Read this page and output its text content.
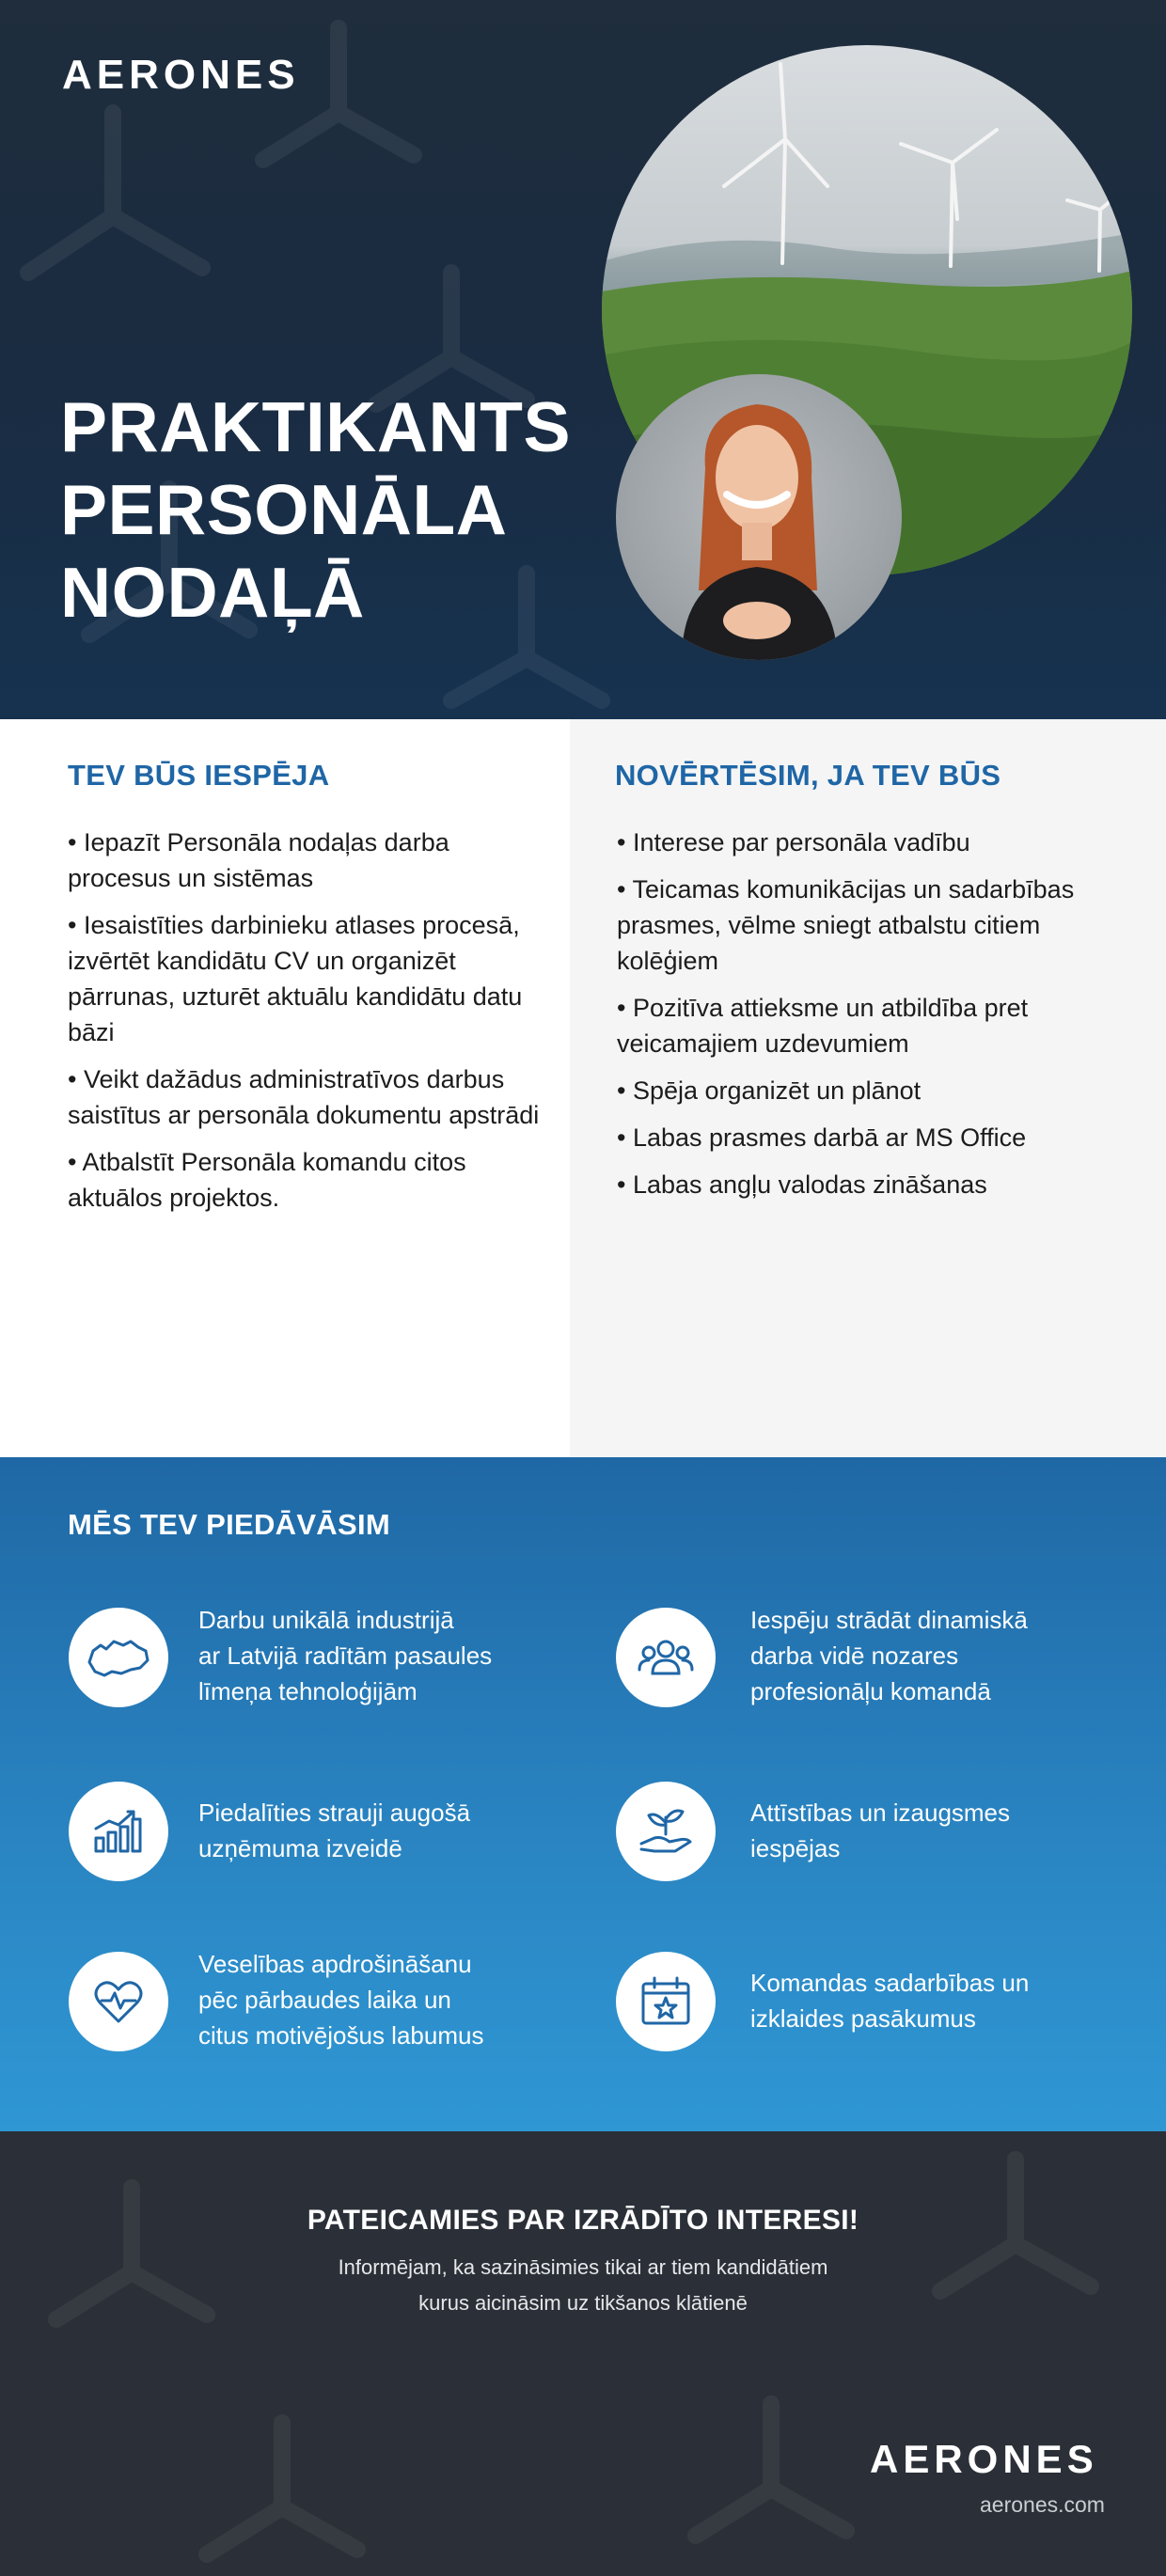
AERONES
PRAKTIKANTS
PERSONĀLA
NODAĻĀ
TEV BŪS IESPĒJA
• Iepazīt Personāla nodaļas darba procesus un sistēmas
• Iesaistīties darbinieku atlases procesā, izvērtēt kandidātu CV un organizēt pārrunas, uzturēt aktuālu kandidātu datu bāzi
• Veikt dažādus administratīvos darbus saistītus ar personāla dokumentu apstrādi
• Atbalstīt Personāla komandu citos aktuālos projektos.
NOVĒRTĒSIM, JA TEV BŪS
• Interese par personāla vadību
• Teicamas komunikācijas un sadarbības prasmes, vēlme sniegt atbalstu citiem kolēģiem
• Pozitīva attieksme un atbildība pret veicamajiem uzdevumiem
• Spēja organizēt un plānot
• Labas prasmes darbā ar MS Office
• Labas angļu valodas zināšanas
MĒS TEV PIEDĀVĀSIM
Darbu unikālā industrijā
ar Latvijā radītām pasaules
līmeņa tehnoloģijām
Iespēju strādāt dinamiskā
darba vidē nozares
profesionāļu komandā
Piedalīties strauji augošā
uzņēmuma izveidē
Attīstības un izaugsmes
iespējas
Veselības apdrošināšanu
pēc pārbaudes laika un
citus motivējošus labumus
Komandas sadarbības un
izklaides pasākumus
PATEICAMIES PAR IZRĀDĪTO INTERESI!
Informējam, ka sazināsimies tikai ar tiem kandidātiem
kurus aicināsim uz tikšanos klātienē
AERONES
aerones.com
